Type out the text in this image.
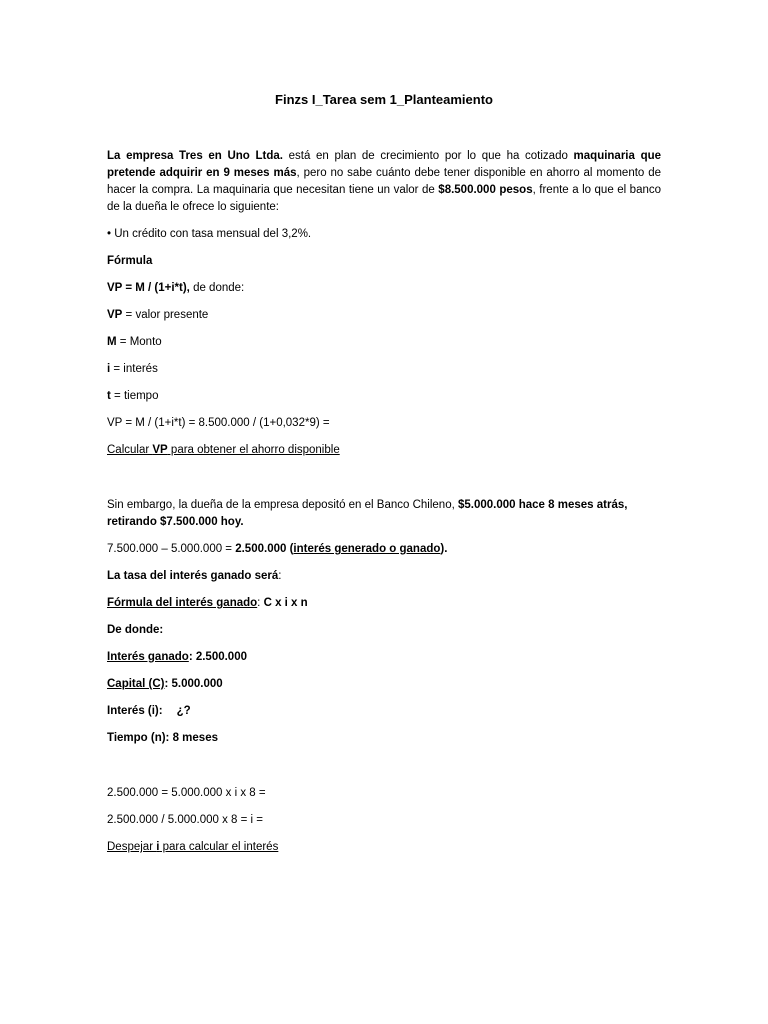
Finzs I_Tarea sem 1_Planteamiento

La empresa Tres en Uno Ltda. está en plan de crecimiento por lo que ha cotizado maquinaria que pretende adquirir en 9 meses más, pero no sabe cuánto debe tener disponible en ahorro al momento de hacer la compra. La maquinaria que necesitan tiene un valor de $8.500.000 pesos, frente a lo que el banco de la dueña le ofrece lo siguiente:

• Un crédito con tasa mensual del 3,2%.

Fórmula

VP = M / (1+i*t), de donde:

VP = valor presente

M = Monto

i = interés

t = tiempo

VP = M / (1+i*t) = 8.500.000 / (1+0,032*9) =

Calcular VP para obtener el ahorro disponible

Sin embargo, la dueña de la empresa depositó en el Banco Chileno, $5.000.000 hace 8 meses atrás, retirando $7.500.000 hoy.

7.500.000 – 5.000.000 = 2.500.000 (interés generado o ganado).

La tasa del interés ganado será:

Fórmula del interés ganado: C x i x n

De donde:

Interés ganado: 2.500.000

Capital (C): 5.000.000

Interés (i): ¿?

Tiempo (n): 8 meses

2.500.000 = 5.000.000 x i x 8 =

2.500.000 / 5.000.000 x 8 = i =

Despejar i para calcular el interés
